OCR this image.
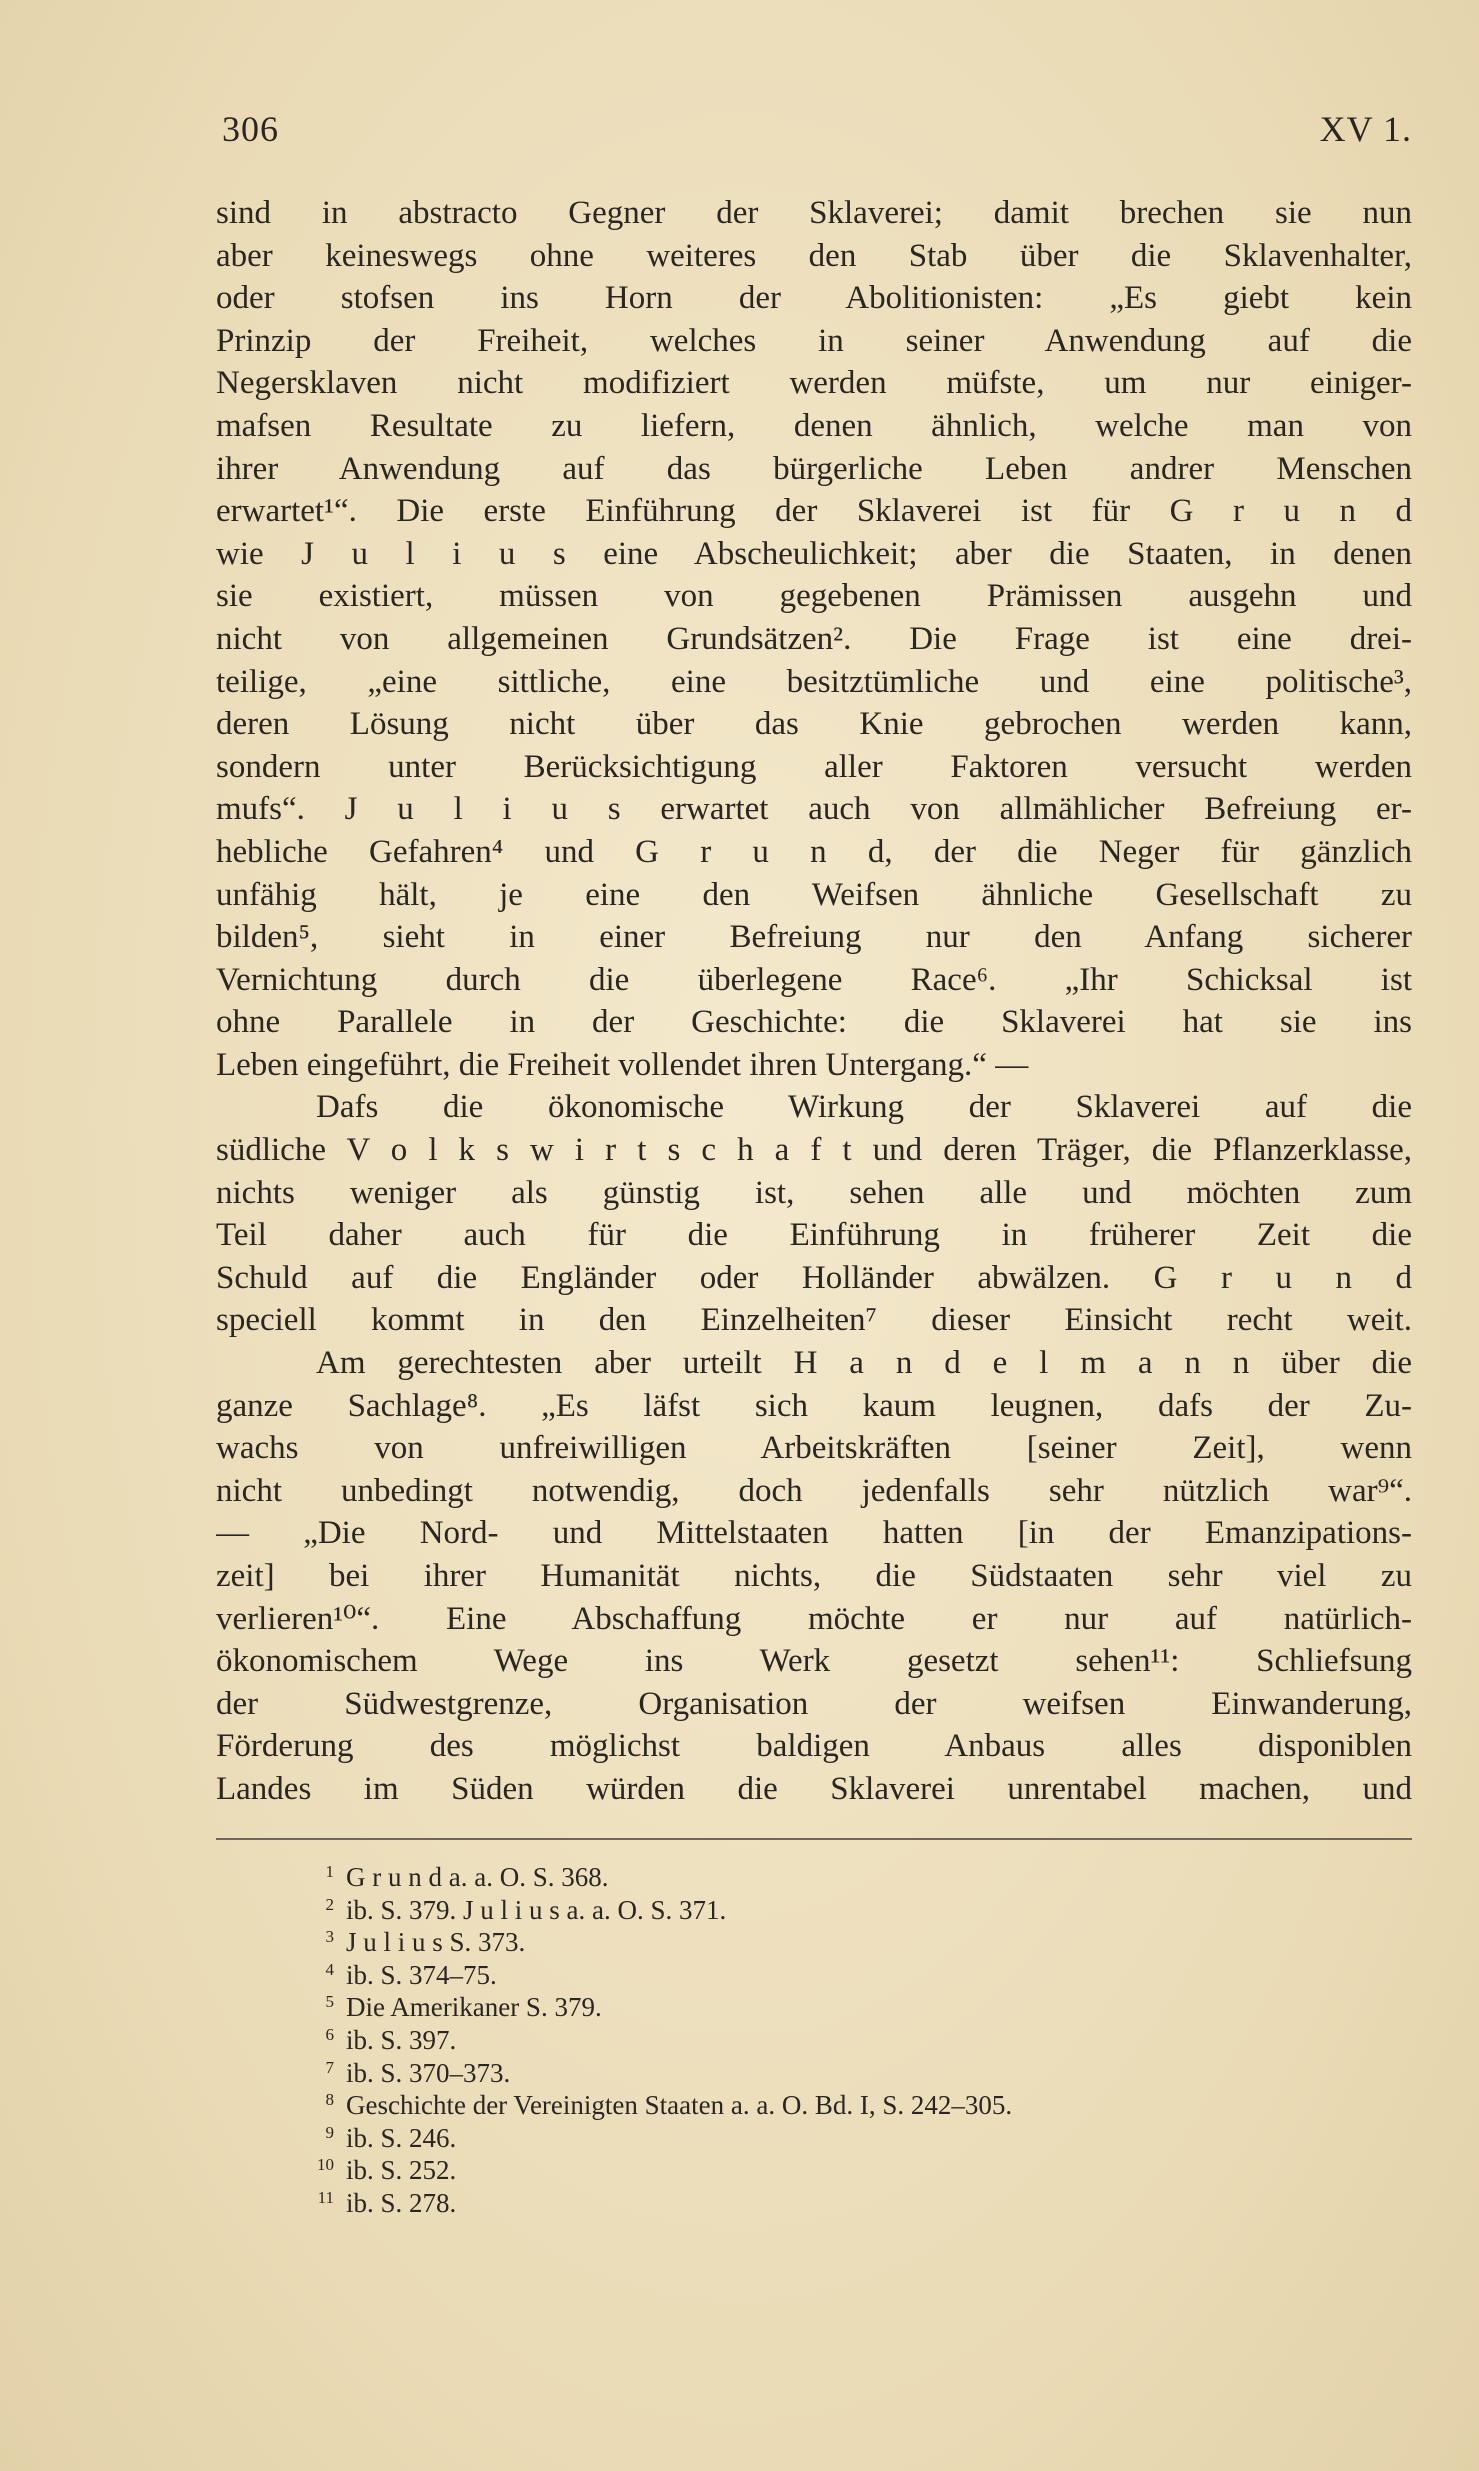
306	XV 1.
sind in abstracto Gegner der Sklaverei; damit brechen sie nun
aber keineswegs ohne weiteres den Stab über die Sklavenhalter,
oder stofsen ins Horn der Abolitionisten: „Es giebt kein
Prinzip der Freiheit, welches in seiner Anwendung auf die
Negersklaven nicht modifiziert werden müfste, um nur einiger-
mafsen Resultate zu liefern, denen ähnlich, welche man von
ihrer Anwendung auf das bürgerliche Leben andrer Menschen
erwartet¹“. Die erste Einführung der Sklaverei ist für G r u n d
wie J u l i u s eine Abscheulichkeit; aber die Staaten, in denen
sie existiert, müssen von gegebenen Prämissen ausgehn und
nicht von allgemeinen Grundsätzen². Die Frage ist eine drei-
teilige, „eine sittliche, eine besitztümliche und eine politische³,
deren Lösung nicht über das Knie gebrochen werden kann,
sondern unter Berücksichtigung aller Faktoren versucht werden
mufs“. J u l i u s erwartet auch von allmählicher Befreiung er-
hebliche Gefahren⁴ und G r u n d, der die Neger für gänzlich
unfähig hält, je eine den Weifsen ähnliche Gesellschaft zu
bilden⁵, sieht in einer Befreiung nur den Anfang sicherer
Vernichtung durch die überlegene Race⁶. „Ihr Schicksal ist
ohne Parallele in der Geschichte: die Sklaverei hat sie ins
Leben eingeführt, die Freiheit vollendet ihren Untergang.“ —
Dafs die ökonomische Wirkung der Sklaverei auf die
südliche V o l k s w i r t s c h a f t und deren Träger, die Pflanzerklasse,
nichts weniger als günstig ist, sehen alle und möchten zum
Teil daher auch für die Einführung in früherer Zeit die
Schuld auf die Engländer oder Holländer abwälzen. G r u n d
speciell kommt in den Einzelheiten⁷ dieser Einsicht recht weit.
Am gerechtesten aber urteilt H a n d e l m a n n über die
ganze Sachlage⁸. „Es läfst sich kaum leugnen, dafs der Zu-
wachs von unfreiwilligen Arbeitskräften [seiner Zeit], wenn
nicht unbedingt notwendig, doch jedenfalls sehr nützlich war⁹“.
— „Die Nord- und Mittelstaaten hatten [in der Emanzipations-
zeit] bei ihrer Humanität nichts, die Südstaaten sehr viel zu
verlieren¹⁰“. Eine Abschaffung möchte er nur auf natürlich-
ökonomischem Wege ins Werk gesetzt sehen¹¹: Schliefsung
der Südwestgrenze, Organisation der weifsen Einwanderung,
Förderung des möglichst baldigen Anbaus alles disponiblen
Landes im Süden würden die Sklaverei unrentabel machen, und
1 G r u n d a. a. O. S. 368.
2 ib. S. 379. J u l i u s a. a. O. S. 371.
3 J u l i u s S. 373.
4 ib. S. 374–75.
5 Die Amerikaner S. 379.
6 ib. S. 397.
7 ib. S. 370–373.
8 Geschichte der Vereinigten Staaten a. a. O. Bd. I, S. 242–305.
9 ib. S. 246.
10 ib. S. 252.
11 ib. S. 278.
